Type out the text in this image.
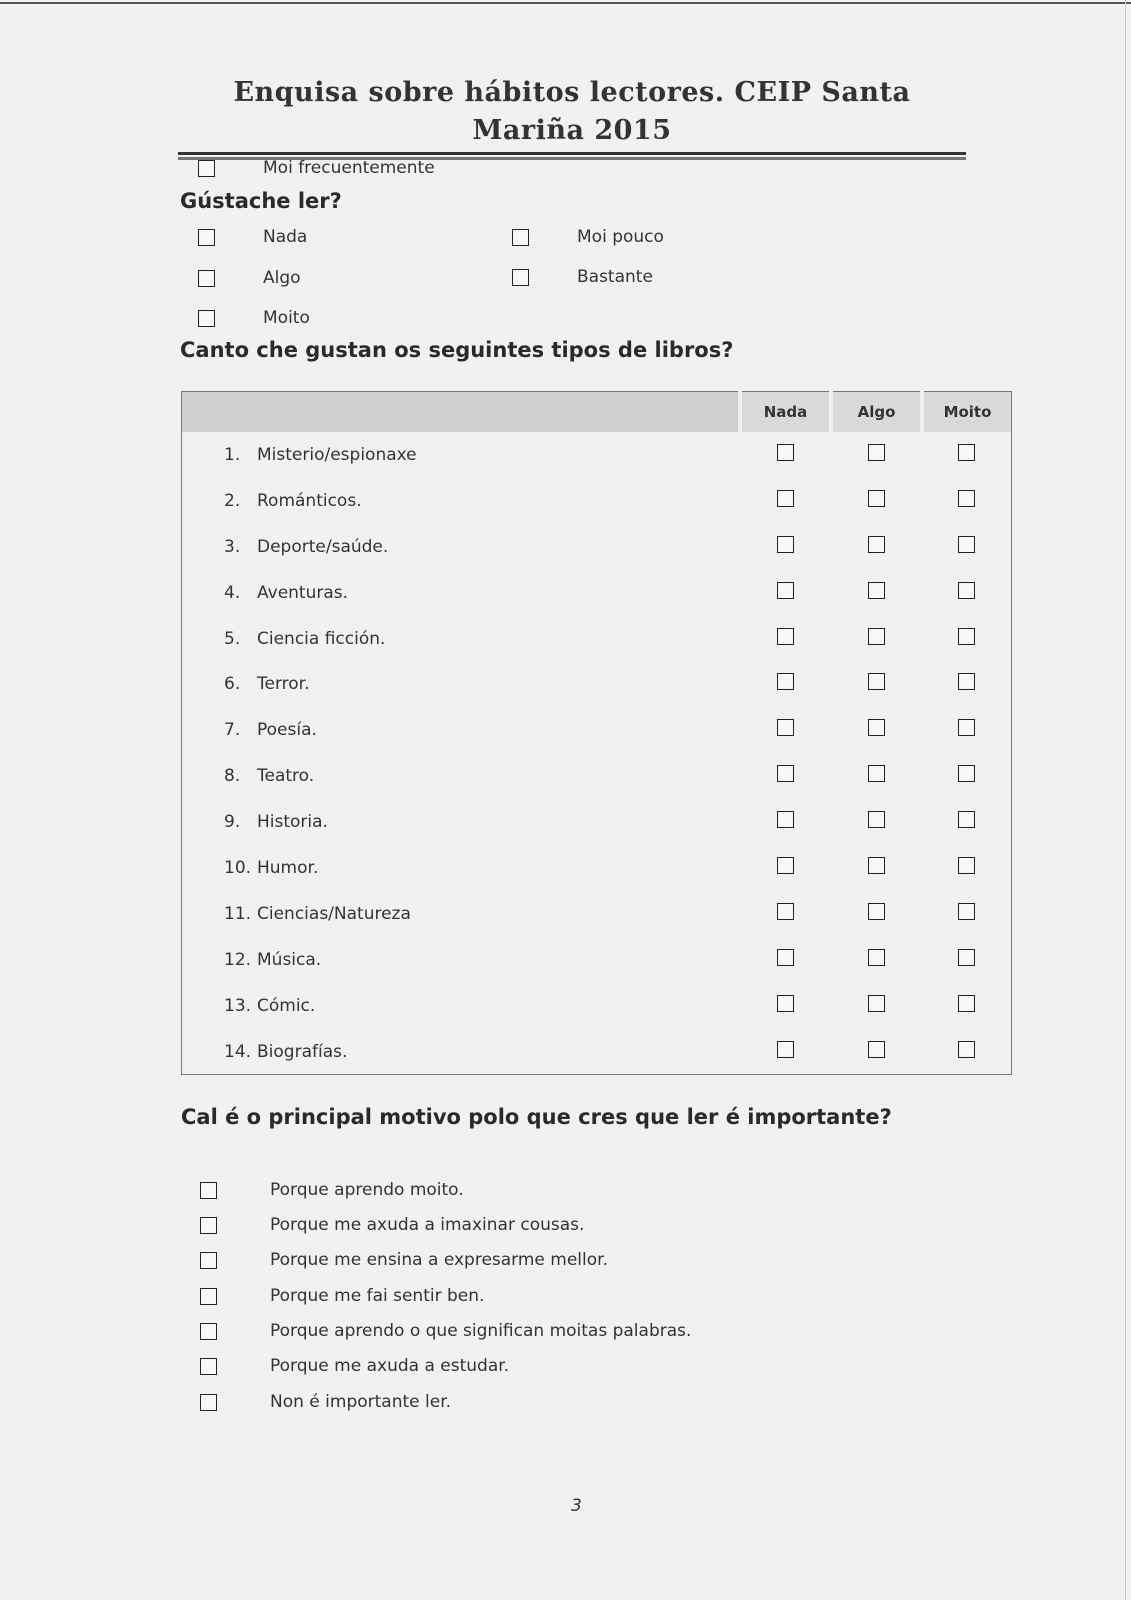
Enquisa sobre hábitos lectores. CEIP Santa Mariña 2015
Moi frecuentemente
Gústache ler?
Nada	Moi pouco
Algo	Bastante
Moito
Canto che gustan os seguintes tipos de libros?
	Nada	Algo	Moito
1. Misterio/espionaxe			
2. Románticos.			
3. Deporte/saúde.			
4. Aventuras.			
5. Ciencia ficción.			
6. Terror.			
7. Poesía.			
8. Teatro.			
9. Historia.			
10. Humor.			
11. Ciencias/Natureza			
12. Música.			
13. Cómic.			
14. Biografías.			
Cal é o principal motivo polo que cres que ler é importante?
Porque aprendo moito.
Porque me axuda a imaxinar cousas.
Porque me ensina a expresarme mellor.
Porque me fai sentir ben.
Porque aprendo o que significan moitas palabras.
Porque me axuda a estudar.
Non é importante ler.
3
